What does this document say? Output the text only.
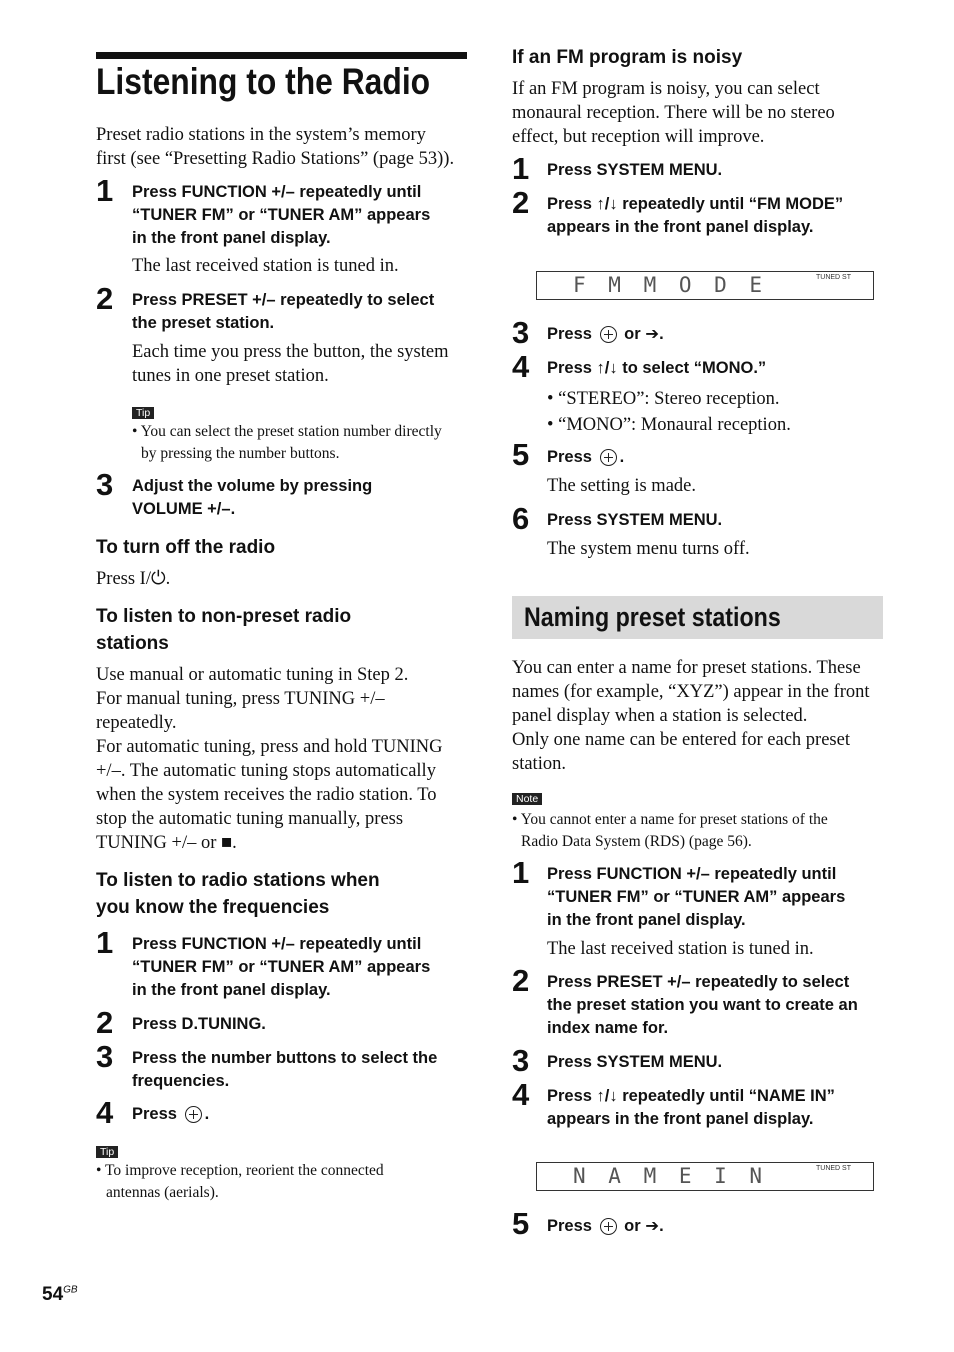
Listening to the Radio
Preset radio stations in the system’s memory
first (see “Presetting Radio Stations” (page 53)).
1 Press FUNCTION +/– repeatedly until
“TUNER FM” or “TUNER AM” appears
in the front panel display.
The last received station is tuned in.
2 Press PRESET +/– repeatedly to select
the preset station.
Each time you press the button, the system
tunes in one preset station.
Tip
• You can select the preset station number directly
by pressing the number buttons.
3 Adjust the volume by pressing
VOLUME +/–.
To turn off the radio
Press I/⏻.
To listen to non-preset radio
stations
Use manual or automatic tuning in Step 2.
For manual tuning, press TUNING +/–
repeatedly.
For automatic tuning, press and hold TUNING
+/–. The automatic tuning stops automatically
when the system receives the radio station. To
stop the automatic tuning manually, press
TUNING +/– or ■.
To listen to radio stations when
you know the frequencies
1 Press FUNCTION +/– repeatedly until
“TUNER FM” or “TUNER AM” appears
in the front panel display.
2 Press D.TUNING.
3 Press the number buttons to select the
frequencies.
4 Press .
Tip
• To improve reception, reorient the connected
antennas (aerials).
$54^{GB}$
If an FM program is noisy
If an FM program is noisy, you can select
monaural reception. There will be no stereo
effect, but reception will improve.
1 Press SYSTEM MENU.
2 Press ↑/↓ repeatedly until “FM MODE”
appears in the front panel display.
F M M O D E	TUNED ST
3 Press or ➔.
4 Press ↑/↓ to select “MONO.”
• “STEREO”: Stereo reception.
• “MONO”: Monaural reception.
5 Press .
The setting is made.
6 Press SYSTEM MENU.
The system menu turns off.
Naming preset stations
You can enter a name for preset stations. These
names (for example, “XYZ”) appear in the front
panel display when a station is selected.
Only one name can be entered for each preset
station.
Note
• You cannot enter a name for preset stations of the
Radio Data System (RDS) (page 56).
1 Press FUNCTION +/– repeatedly until
“TUNER FM” or “TUNER AM” appears
in the front panel display.
The last received station is tuned in.
2 Press PRESET +/– repeatedly to select
the preset station you want to create an
index name for.
3 Press SYSTEM MENU.
4 Press ↑/↓ repeatedly until “NAME IN”
appears in the front panel display.
N A M E I N	TUNED ST
5 Press or ➔.
